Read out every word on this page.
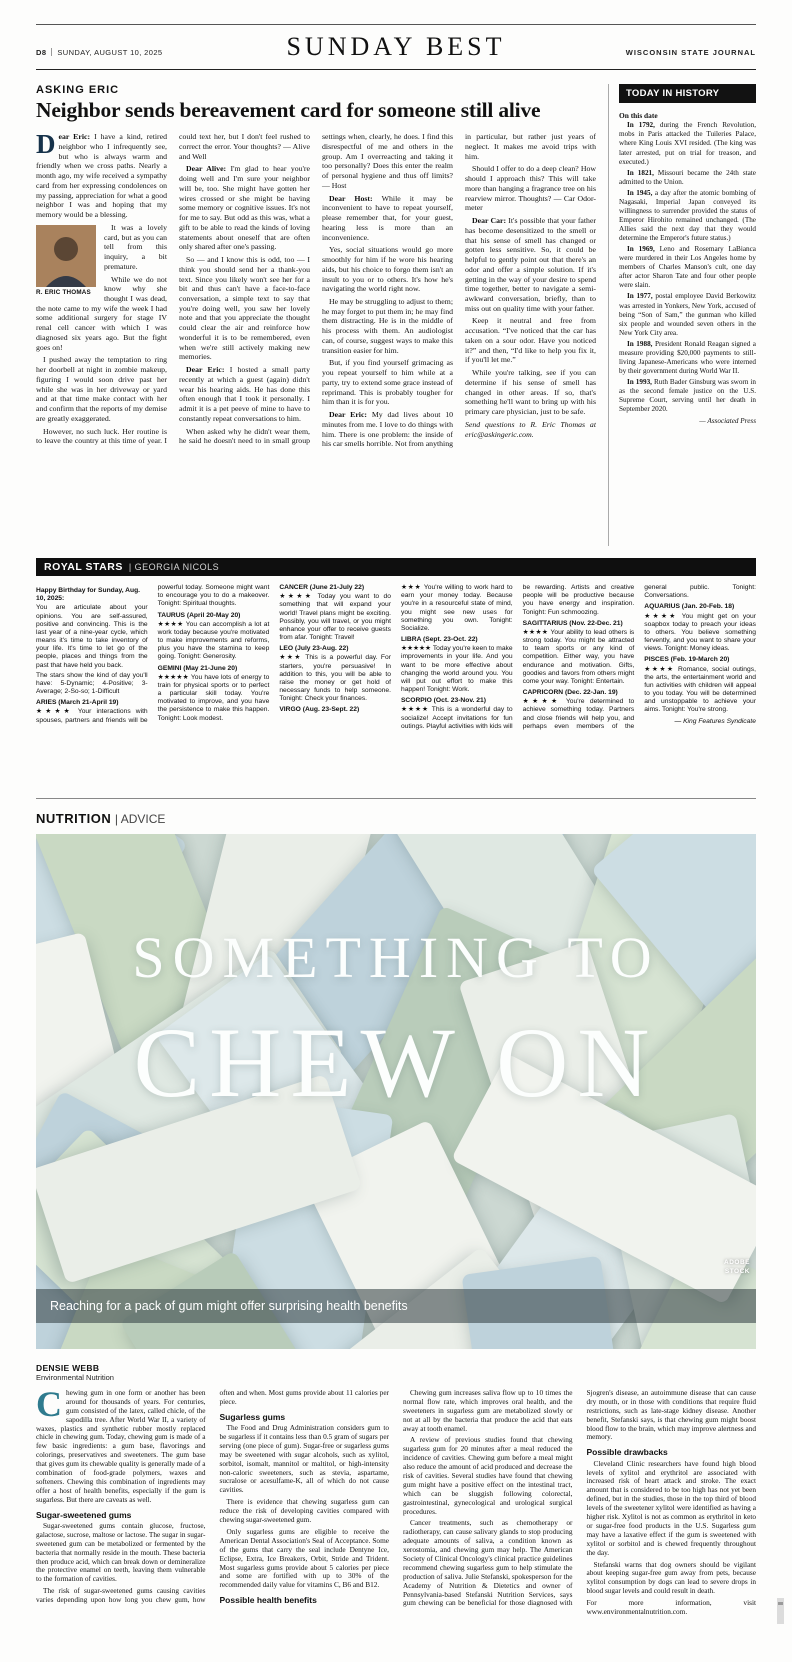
D8 SUNDAY, AUGUST 10, 2025	SUNDAY BEST	WISCONSIN STATE JOURNAL
ASKING ERIC
Neighbor sends bereavement card for someone still alive

Dear Eric: I have a kind, retired neighbor who I infrequently see, but who is always warm and friendly when we cross paths. Nearly a month ago, my wife received a sympathy card from her expressing condolences on my passing, appreciation for what a good neighbor I was and hoping that my memory would be a blessing.

R. ERIC THOMAS

It was a lovely card, but as you can tell from this inquiry, a bit premature.

While we do not know why she thought I was dead, the note came to my wife the week I had some additional surgery for stage IV renal cell cancer with which I was diagnosed six years ago. But the fight goes on!

I pushed away the temptation to ring her doorbell at night in zombie makeup, figuring I would soon drive past her while she was in her driveway or yard and at that time make contact with her and confirm that the reports of my demise are greatly exaggerated.

However, no such luck. Her routine is to leave the country at this time of year. I could text her, but I don't feel rushed to correct the error. Your thoughts? — Alive and Well

Dear Alive: I'm glad to hear you're doing well and I'm sure your neighbor will be, too. She might have gotten her wires crossed or she might be having some memory or cognitive issues. It's not for me to say. But odd as this was, what a gift to be able to read the kinds of loving statements about oneself that are often only shared after one's passing.

So — and I know this is odd, too — I think you should send her a thank-you text. Since you likely won't see her for a bit and thus can't have a face-to-face conversation, a simple text to say that you're doing well, you saw her lovely note and that you appreciate the thought could clear the air and reinforce how wonderful it is to be remembered, even when we're still actively making new memories.

Dear Eric: I hosted a small party recently at which a guest (again) didn't wear his hearing aids. He has done this often enough that I took it personally. I admit it is a pet peeve of mine to have to constantly repeat conversations to him.

When asked why he didn't wear them, he said he doesn't need to in small group settings when, clearly, he does. I find this disrespectful of me and others in the group. Am I overreacting and taking it too personally? Does this enter the realm of personal hygiene and thus off limits? — Host

Dear Host: While it may be inconvenient to have to repeat yourself, please remember that, for your guest, hearing less is more than an inconvenience.

Yes, social situations would go more smoothly for him if he wore his hearing aids, but his choice to forgo them isn't an insult to you or to others. It's how he's navigating the world right now.

He may be struggling to adjust to them; he may forget to put them in; he may find them distracting. He is in the middle of his process with them. An audiologist can, of course, suggest ways to make this transition easier for him.

But, if you find yourself grimacing as you repeat yourself to him while at a party, try to extend some grace instead of reprimand. This is probably tougher for him than it is for you.

Dear Eric: My dad lives about 10 minutes from me. I love to do things with him. There is one problem: the inside of his car smells horrible. Not from anything in particular, but rather just years of neglect. It makes me avoid trips with him.

Should I offer to do a deep clean? How should I approach this? This will take more than hanging a fragrance tree on his rearview mirror. Thoughts? — Car Odor-meter

Dear Car: It's possible that your father has become desensitized to the smell or that his sense of smell has changed or gotten less sensitive. So, it could be helpful to gently point out that there's an odor and offer a simple solution. If it's getting in the way of your desire to spend time together, better to navigate a semi-awkward conversation, briefly, than to miss out on quality time with your father.

Keep it neutral and free from accusation. “I've noticed that the car has taken on a sour odor. Have you noticed it?” and then, “I'd like to help you fix it, if you'll let me.”

While you're talking, see if you can determine if his sense of smell has changed in other areas. If so, that's something he'll want to bring up with his primary care physician, just to be safe.

Send questions to R. Eric Thomas at eric@askingeric.com.

TODAY IN HISTORY

On this date

In 1792, during the French Revolution, mobs in Paris attacked the Tuileries Palace, where King Louis XVI resided. (The king was later arrested, put on trial for treason, and executed.)

In 1821, Missouri became the 24th state admitted to the Union.

In 1945, a day after the atomic bombing of Nagasaki, Imperial Japan conveyed its willingness to surrender provided the status of Emperor Hirohito remained unchanged. (The Allies said the next day that they would determine the Emperor's future status.)

In 1969, Leno and Rosemary LaBianca were murdered in their Los Angeles home by members of Charles Manson's cult, one day after actor Sharon Tate and four other people were slain.

In 1977, postal employee David Berkowitz was arrested in Yonkers, New York, accused of being “Son of Sam,” the gunman who killed six people and wounded seven others in the New York City area.

In 1988, President Ronald Reagan signed a measure providing $20,000 payments to still-living Japanese-Americans who were interned by their government during World War II.

In 1993, Ruth Bader Ginsburg was sworn in as the second female justice on the U.S. Supreme Court, serving until her death in September 2020.

— Associated Press

ROYAL STARS | GEORGIA NICOLS

Happy Birthday for Sunday, Aug. 10, 2025:

You are articulate about your opinions. You are self-assured, positive and convincing. This is the last year of a nine-year cycle, which means it's time to take inventory of your life. It's time to let go of the people, places and things from the past that have held you back.

The stars show the kind of day you'll have: 5-Dynamic; 4-Positive; 3-Average; 2-So-so; 1-Difficult

ARIES (March 21-April 19)

★★★★ Your interactions with spouses, partners and friends will be powerful today. Someone might want to encourage you to do a makeover. Tonight: Spiritual thoughts.

TAURUS (April 20-May 20)

★★★★ You can accomplish a lot at work today because you're motivated to make improvements and reforms, plus you have the stamina to keep going. Tonight: Generosity.

GEMINI (May 21-June 20)

★★★★★ You have lots of energy to train for physical sports or to perfect a particular skill today. You're motivated to improve, and you have the persistence to make this happen. Tonight: Look modest.

CANCER (June 21-July 22)

★★★★ Today you want to do something that will expand your world! Travel plans might be exciting. Possibly, you will travel, or you might enhance your offer to receive guests from afar. Tonight: Travel!

LEO (July 23-Aug. 22)

★★★ This is a powerful day. For starters, you're persuasive! In addition to this, you will be able to raise the money or get hold of necessary funds to help someone. Tonight: Check your finances.

VIRGO (Aug. 23-Sept. 22)

★★★ You're willing to work hard to earn your money today. Because you're in a resourceful state of mind, you might see new uses for something you own. Tonight: Socialize.

LIBRA (Sept. 23-Oct. 22)

★★★★★ Today you're keen to make improvements in your life. And you want to be more effective about changing the world around you. You will put out effort to make this happen! Tonight: Work.

SCORPIO (Oct. 23-Nov. 21)

★★★★ This is a wonderful day to socialize! Accept invitations for fun outings. Playful activities with kids will be rewarding. Artists and creative people will be productive because you have energy and inspiration. Tonight: Fun schmoozing.

SAGITTARIUS (Nov. 22-Dec. 21)

★★★★ Your ability to lead others is strong today. You might be attracted to team sports or any kind of competition. Either way, you have endurance and motivation. Gifts, goodies and favors from others might come your way. Tonight: Entertain.

CAPRICORN (Dec. 22-Jan. 19)

★★★★ You're determined to achieve something today. Partners and close friends will help you, and perhaps even members of the general public. Tonight: Conversations.

AQUARIUS (Jan. 20-Feb. 18)

★★★★ You might get on your soapbox today to preach your ideas to others. You believe something fervently, and you want to share your views. Tonight: Money ideas.

PISCES (Feb. 19-March 20)

★★★★ Romance, social outings, the arts, the entertainment world and fun activities with children will appeal to you today. You will be determined and unstoppable to achieve your aims. Tonight: You're strong.

— King Features Syndicate

NUTRITION | ADVICE
SOMETHING TO
CHEW ON
ADOBE
STOCK
Reaching for a pack of gum might offer surprising health benefits
DENSIE WEBB
Environmental Nutrition

Chewing gum in one form or another has been around for thousands of years. For centuries, gum consisted of the latex, called chicle, of the sapodilla tree. After World War II, a variety of waxes, plastics and synthetic rubber mostly replaced chicle in chewing gum. Today, chewing gum is made of a few basic ingredients: a gum base, flavorings and colorings, preservatives and sweeteners. The gum base that gives gum its chewable quality is generally made of a combination of food-grade polymers, waxes and softeners. Chewing this combination of ingredients may offer a host of health benefits, especially if the gum is sugarless. But there are caveats as well.

Sugar-sweetened gums

Sugar-sweetened gums contain glucose, fructose, galactose, sucrose, maltose or lactose. The sugar in sugar-sweetened gum can be metabolized or fermented by the bacteria that normally reside in the mouth. These bacteria then produce acid, which can break down or demineralize the protective enamel on teeth, leaving them vulnerable to the formation of cavities.

The risk of sugar-sweetened gums causing cavities varies depending upon how long you chew gum, how often and when. Most gums provide about 11 calories per piece.

Sugarless gums

The Food and Drug Administration considers gum to be sugarless if it contains less than 0.5 gram of sugars per serving (one piece of gum). Sugar-free or sugarless gums may be sweetened with sugar alcohols, such as xylitol, sorbitol, isomalt, mannitol or maltitol, or high-intensity non-caloric sweeteners, such as stevia, aspartame, sucralose or acesulfame-K, all of which do not cause cavities.

There is evidence that chewing sugarless gum can reduce the risk of developing cavities compared with chewing sugar-sweetened gum.

Only sugarless gums are eligible to receive the American Dental Association's Seal of Acceptance. Some of the gums that carry the seal include Dentyne Ice, Eclipse, Extra, Ice Breakers, Orbit, Stride and Trident. Most sugarless gums provide about 5 calories per piece and some are fortified with up to 30% of the recommended daily value for vitamins C, B6 and B12.

Possible health benefits

Chewing gum increases saliva flow up to 10 times the normal flow rate, which improves oral health, and the sweeteners in sugarless gum are metabolized slowly or not at all by the bacteria that produce the acid that eats away at tooth enamel.

A review of previous studies found that chewing sugarless gum for 20 minutes after a meal reduced the incidence of cavities. Chewing gum before a meal might also reduce the amount of acid produced and decrease the risk of cavities. Several studies have found that chewing gum might have a positive effect on the intestinal tract, which can be sluggish following colorectal, gastrointestinal, gynecological and urological surgical procedures.

Cancer treatments, such as chemotherapy or radiotherapy, can cause salivary glands to stop producing adequate amounts of saliva, a condition known as xerostomia, and chewing gum may help. The American Society of Clinical Oncology's clinical practice guidelines recommend chewing sugarless gum to help stimulate the production of saliva. Julie Stefanski, spokesperson for the Academy of Nutrition & Dietetics and owner of Pennsylvania-based Stefanski Nutrition Services, says gum chewing can be beneficial for those diagnosed with Sjogren's disease, an autoimmune disease that can cause dry mouth, or in those with conditions that require fluid restrictions, such as late-stage kidney disease. Another benefit, Stefanski says, is that chewing gum might boost blood flow to the brain, which may improve alertness and memory.

Possible drawbacks

Cleveland Clinic researchers have found high blood levels of xylitol and erythritol are associated with increased risk of heart attack and stroke. The exact amount that is considered to be too high has not yet been defined, but in the studies, those in the top third of blood levels of the sweetener xylitol were identified as having a higher risk. Xylitol is not as common as erythritol in keto or sugar-free food products in the U.S. Sugarless gum may have a laxative effect if the gum is sweetened with xylitol or sorbitol and is chewed frequently throughout the day.

Stefanski warns that dog owners should be vigilant about keeping sugar-free gum away from pets, because xylitol consumption by dogs can lead to severe drops in blood sugar levels and could result in death.

For more information, visit www.environmentalnutrition.com.
